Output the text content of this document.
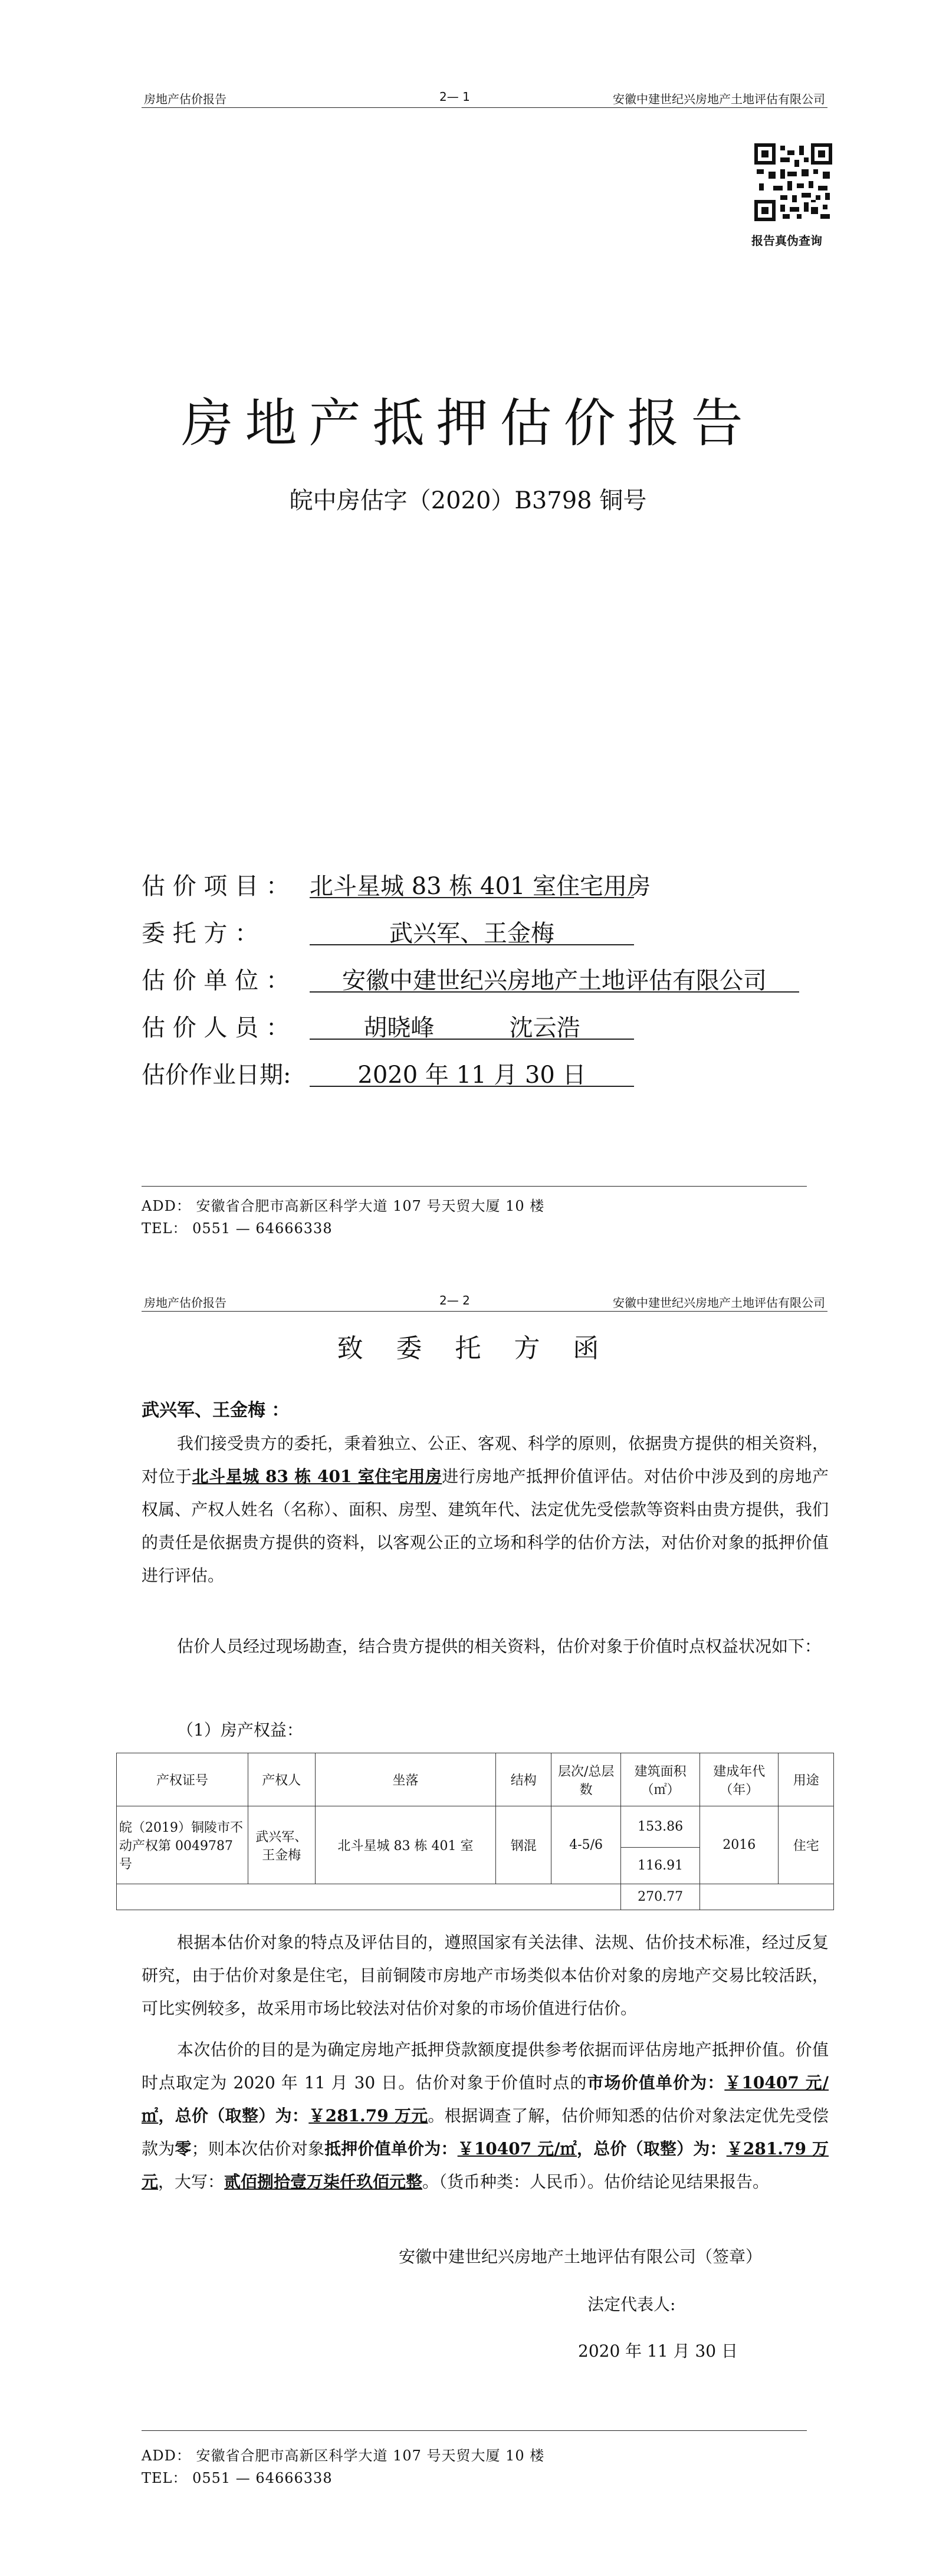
房地产估价报告	2— 1	安徽中建世纪兴房地产土地评估有限公司
报告真伪查询
房地产抵押估价报告
皖中房估字（2020）B3798 铜号
估 价 项 目 ： 北斗星城 83 栋 401 室住宅用房
委 托 方 ：	武兴军、王金梅
估 价 单 位 ：	安徽中建世纪兴房地产土地评估有限公司
估 价 人 员 ：	胡晓峰          沈云浩
估价作业日期:	2020 年 11 月 30 日
ADD： 安徽省合肥市高新区科学大道 107 号天贸大厦 10 楼
TEL： 0551 — 64666338
房地产估价报告	2— 2	安徽中建世纪兴房地产土地评估有限公司
致    委    托    方    函
武兴军、王金梅 ：
我们接受贵方的委托，秉着独立、公正、客观、科学的原则，依据贵方提供的相关资料，对位于北斗星城 83 栋 401 室住宅用房进行房地产抵押价值评估。对估价中涉及到的房地产权属、产权人姓名（名称）、面积、房型、建筑年代、法定优先受偿款等资料由贵方提供，我们的责任是依据贵方提供的资料，以客观公正的立场和科学的估价方法，对估价对象的抵押价值进行评估。
估价人员经过现场勘查，结合贵方提供的相关资料，估价对象于价值时点权益状况如下：
（1）房产权益：
产权证号	产权人	坐落	结构	层次/总层数	建筑面积（㎡）	建成年代（年）	用途
皖（2019）铜陵市不动产权第 0049787 号	武兴军、王金梅	北斗星城 83 栋 401 室	钢混	4-5/6	153.86	2016	住宅
					116.91		
					270.77		
根据本估价对象的特点及评估目的，遵照国家有关法律、法规、估价技术标准，经过反复研究，由于估价对象是住宅，目前铜陵市房地产市场类似本估价对象的房地产交易比较活跃，可比实例较多，故采用市场比较法对估价对象的市场价值进行估价。
本次估价的目的是为确定房地产抵押贷款额度提供参考依据而评估房地产抵押价值。价值时点取定为 2020 年 11 月 30 日。估价对象于价值时点的市场价值单价为：￥10407 元/㎡，总价（取整）为：￥281.79 万元。根据调查了解，估价师知悉的估价对象法定优先受偿款为零；则本次估价对象抵押价值单价为：￥10407 元/㎡，总价（取整）为：￥281.79 万元，大写：贰佰捌拾壹万柒仟玖佰元整。（货币种类：人民币）。估价结论见结果报告。
安徽中建世纪兴房地产土地评估有限公司（签章）
法定代表人:
2020 年 11 月 30 日
ADD： 安徽省合肥市高新区科学大道 107 号天贸大厦 10 楼
TEL： 0551 — 64666338
